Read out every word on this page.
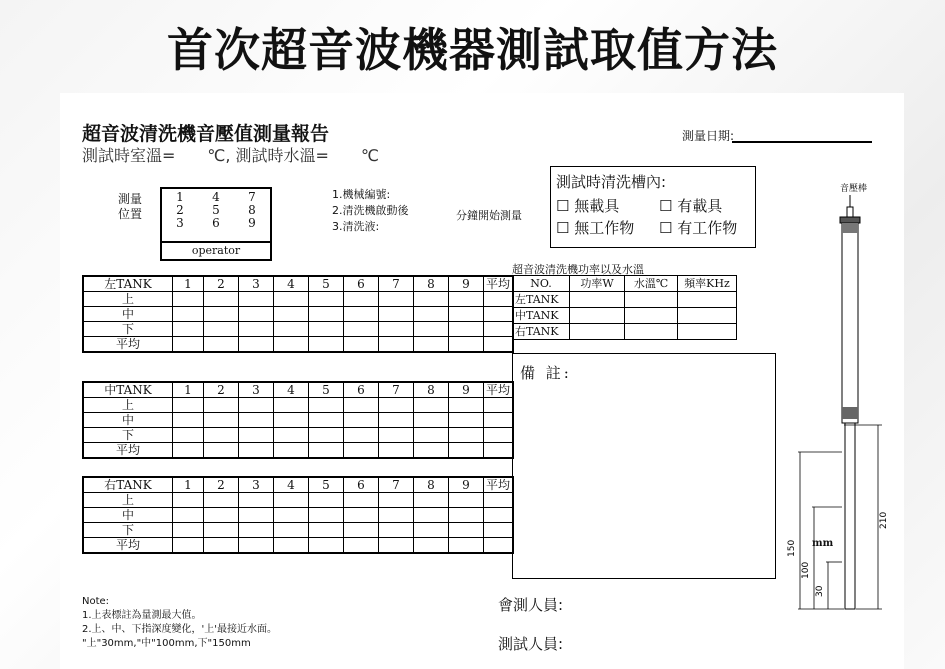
首次超音波機器測試取值方法
超音波清洗機音壓值測量報告
測試時室溫=　　℃, 測試時水溫=　　℃
測量日期:
測量
位置
1	4	7
2	5	8
3	6	9
operator
1.機械編號:
2.清洗機啟動後
3.清洗液:
分鐘開始測量
測試時清洗槽內:
☐ 無載具	☐ 有載具
☐ 無工作物 ☐ 有工作物
左TANK	1	2	3	4	5	6	7	8	9	平均
上										
中										
下										
平均										
中TANK	1	2	3	4	5	6	7	8	9	平均
上										
中										
下										
平均										
右TANK	1	2	3	4	5	6	7	8	9	平均
上										
中										
下										
平均										
超音波清洗機功率以及水溫
NO.	功率W	水溫℃	頻率KHz
左TANK			
中TANK			
右TANK			
備 註:
音壓棒
210
150
100
30
mm
Note:
1.上表標註為量測最大值。
2.上、中、下指深度變化，'上'最接近水面。
"上"30mm,"中"100mm,下"150mm
會測人員:
測試人員:
